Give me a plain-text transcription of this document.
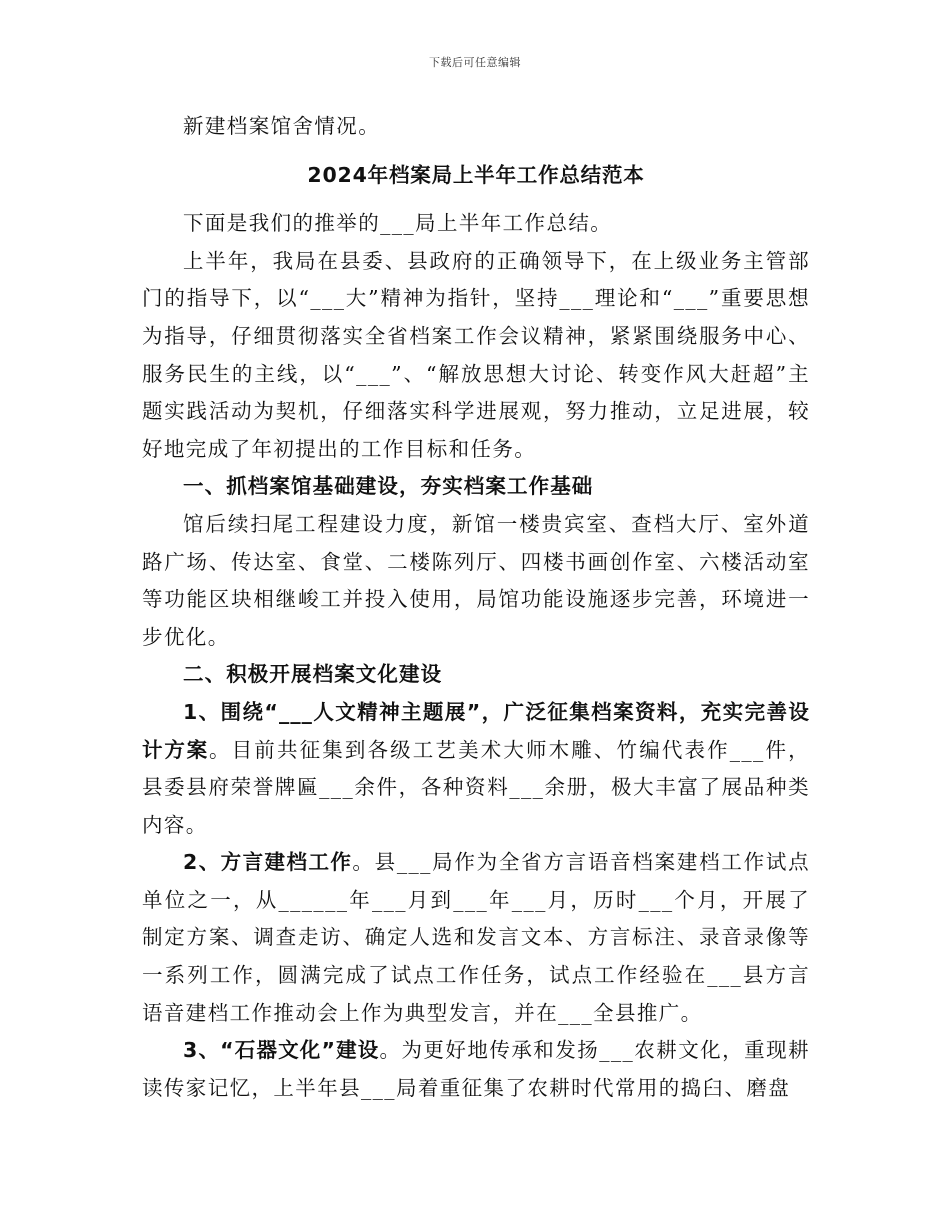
下载后可任意编辑

新建档案馆舍情况。

2024年档案局上半年工作总结范本

下面是我们的推举的___局上半年工作总结。

上半年，我局在县委、县政府的正确领导下，在上级业务主管部门的指导下，以“___大”精神为指针，坚持___理论和“___”重要思想为指导，仔细贯彻落实全省档案工作会议精神，紧紧围绕服务中心、服务民生的主线，以“___”、“解放思想大讨论、转变作风大赶超”主题实践活动为契机，仔细落实科学进展观，努力推动，立足进展，较好地完成了年初提出的工作目标和任务。

一、抓档案馆基础建设，夯实档案工作基础

馆后续扫尾工程建设力度，新馆一楼贵宾室、查档大厅、室外道路广场、传达室、食堂、二楼陈列厅、四楼书画创作室、六楼活动室等功能区块相继峻工并投入使用，局馆功能设施逐步完善，环境进一步优化。

二、积极开展档案文化建设

1、围绕“___人文精神主题展”，广泛征集档案资料，充实完善设计方案。目前共征集到各级工艺美术大师木雕、竹编代表作___件，县委县府荣誉牌匾___余件，各种资料___余册，极大丰富了展品种类内容。

2、方言建档工作。县___局作为全省方言语音档案建档工作试点单位之一，从______年___月到___年___月，历时___个月，开展了制定方案、调查走访、确定人选和发言文本、方言标注、录音录像等一系列工作，圆满完成了试点工作任务，试点工作经验在___县方言语音建档工作推动会上作为典型发言，并在___全县推广。

3、“石器文化”建设。为更好地传承和发扬___农耕文化，重现耕读传家记忆，上半年县___局着重征集了农耕时代常用的捣臼、磨盘
